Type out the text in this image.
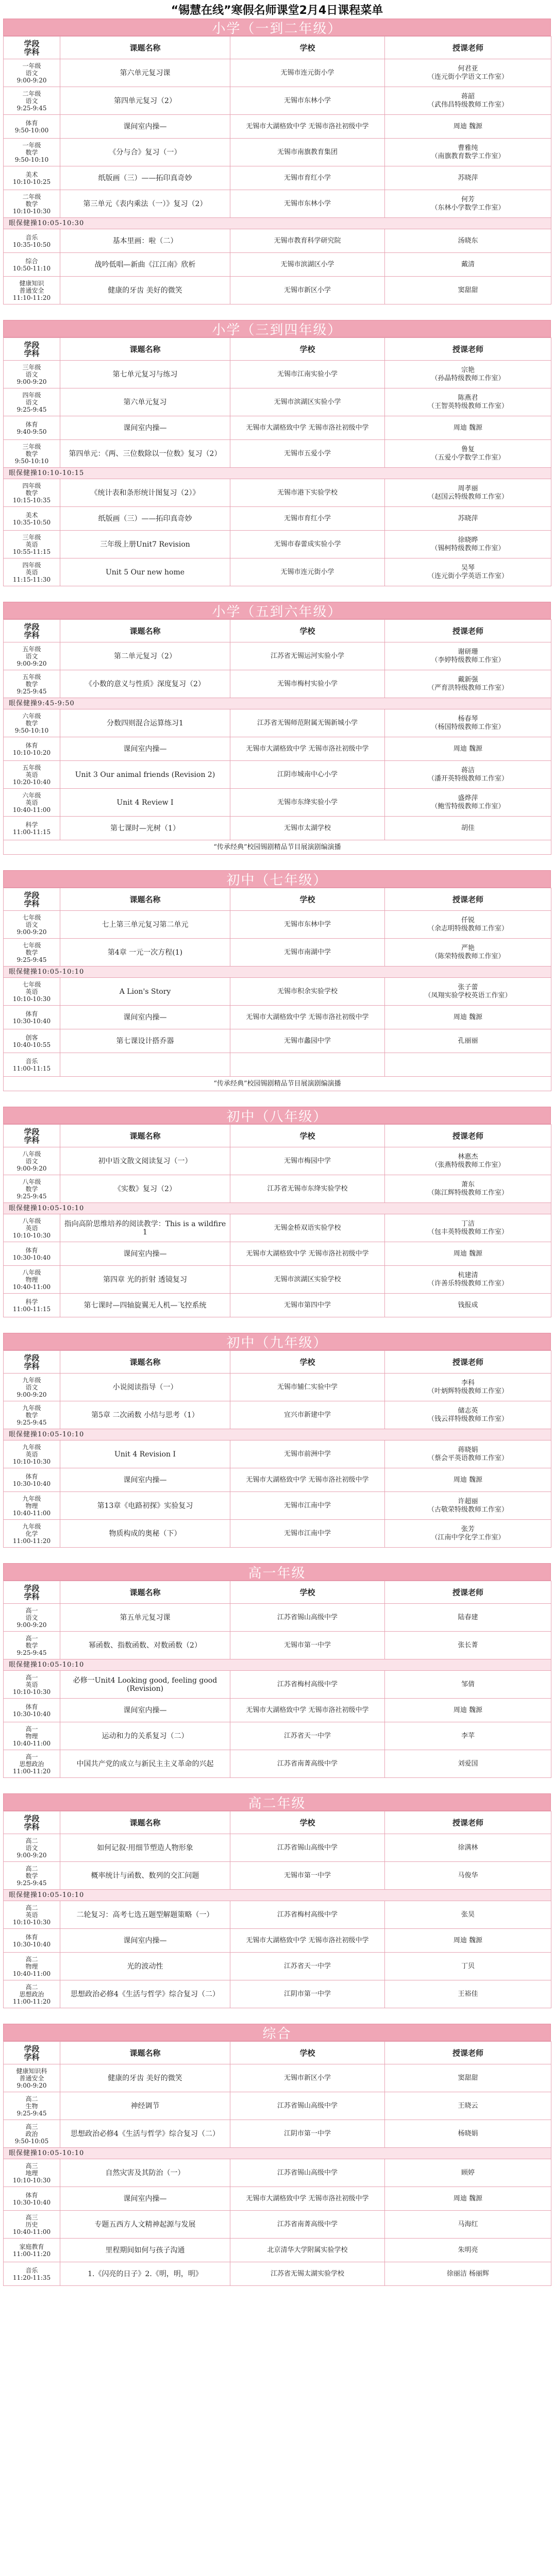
“锡慧在线”寒假名师课堂2月4日课程菜单
小学（一到二年级）
学段
学科	课题名称	学校	授课老师

一年级
语文
9:00-9:20	第六单元复习课	无锡市连元街小学	何君亚
（连元街小学语文工作室）

二年级
语文
9:25-9:45	第四单元复习（2）	无锡市东林小学	蒋韶
（武伟昌特级教师工作室）

体育
9:50-10:00	课间室内操—	无锡市大湖格致中学 无锡市洛社初级中学	周迪 魏源

一年级
数学
9:50-10:10	《分与合》复习（一）	无锡市南旗教育集团	曹雅纯
（南旗教育数学工作室）

美术
10:10-10:25	纸版画（三）——拓印真奇妙	无锡市育红小学	苏晓萍

二年级
数学
10:10-10:30	第三单元《表内乘法（一）》复习（2）	无锡市东林小学	何芳
（东林小学数学工作室）

眼保健操10:05-10:30			

音乐
10:35-10:50	基本里画：啦（二）	无锡市教育科学研究院	汤晓东

综合
10:50-11:10	战吟低唱—新曲《江江南》欣析	无锡市滨湖区小学	戴清

健康知识
普通安全
11:10-11:20	健康的牙齿 美好的微笑	无锡市新区小学	窦甜甜
小学（三到四年级）
学段
学科	课题名称	学校	授课老师

三年级
语文
9:00-9:20	第七单元复习与练习	无锡市江南实验小学	宗艳
（孙晶特级教师工作室）

四年级
语文
9:25-9:45	第六单元复习	无锡市滨湖区实验小学	陈燕君
（王智英特级教师工作室）

体育
9:40-9:50	课间室内操—	无锡市大湖格致中学 无锡市洛社初级中学	周迪 魏源

三年级
数学
9:50-10:10	第四单元：《两、三位数除以一位数》复习（2）	无锡市五爱小学	鲁复
（五爱小学数学工作室）

眼保健操10:10-10:15			

四年级
数学
10:15-10:35	《统计表和条形统计图复习（2）》	无锡市港下实验学校	周孝丽
（赵国云特级教师工作室）

美术
10:35-10:50	纸版画（三）——拓印真奇妙	无锡市育红小学	苏晓萍

三年级
英语
10:55-11:15	三年级上册Unit7 Revision	无锡市春蕾成实验小学	徐晓晔
（锡柯特级教师工作室）

四年级
英语
11:15-11:30	Unit 5 Our new home	无锡市连元街小学	吴琴
（连元街小学英语工作室）
小学（五到六年级）
学段
学科	课题名称	学校	授课老师

五年级
语文
9:00-9:20	第二单元复习（2）	江苏省无锡运河实验小学	谢研珊
（李婷特级教师工作室）

五年级
数学
9:25-9:45	《小数的意义与性质》深度复习（2）	无锡市梅村实验小学	戴新强
（严育洪特级教师工作室）

眼保健操9:45-9:50			

六年级
数学
9:50-10:10	分数四则混合运算练习1	江苏省无锡师范附属无锡新城小学	杨春琴
（杨国特级教师工作室）

体育
10:10-10:20	课间室内操—	无锡市大湖格致中学 无锡市洛社初级中学	周迪 魏源

五年级
英语
10:20-10:40	Unit 3 Our animal friends (Revision 2)	江阴市城南中心小学	蒋洁
（潘开英特级教师工作室）

六年级
英语
10:40-11:00	Unit 4 Review I	无锡市东绛实验小学	盛烨萍
（鲍雪特级教师工作室）

科学
11:00-11:15	第七课时—光树（1）	无锡市太湖学校	胡佳

“传承经典”校园锡剧精品节目展演剧编演播			
初中（七年级）
学段
学科	课题名称	学校	授课老师

七年级
语文
9:00-9:20	七上第三单元复习第二单元	无锡市东林中学	仟锐
（余志明特级教师工作室）

七年级
数学
9:25-9:45	第4章 一元一次方程(1)	无锡市南湖中学	严艳
（陈荣特级教师工作室）

眼保健操10:05-10:10			

七年级
英语
10:10-10:30	A Lion's Story	无锡市积余实验学校	张子蕾
（凤翔实验学校英语工作室）

体育
10:30-10:40	课间室内操—	无锡市大湖格致中学 无锡市洛社初级中学	周迪 魏源

创客
10:40-10:55	第七课设计搭乔器	无锡市蠡园中学	孔丽丽

音乐
11:00-11:15			

“传承经典”校园锡剧精品节目展演剧编演播			
初中（八年级）
学段
学科	课题名称	学校	授课老师

八年级
语文
9:00-9:20	初中语文散文阅读复习（一）	无锡市梅园中学	林惠杰
（张燕特级教师工作室）

八年级
数学
9:25-9:45	《实数》复习（2）	江苏省无锡市东绛实验学校	萧东
（陈江辉特级教师工作室）

眼保健操10:05-10:10			

八年级
英语
10:10-10:30	指向高阶思维培养的阅读教学：This is a wildfire 1	无锡金桥双语实验学校	丁洁
（包丰英特级教师工作室）

体育
10:30-10:40	课间室内操—	无锡市大湖格致中学 无锡市洛社初级中学	周迪 魏源

八年级
物理
10:40-11:00	第四章 光的折射 透镜复习	无锡市滨湖区实验学校	杭建清
（许善乐特级教师工作室）

科学
11:00-11:15	第七课时—四轴旋翼无人机—飞控系统	无锡市第四中学	钱报成
初中（九年级）
学段
学科	课题名称	学校	授课老师

九年级
语文
9:00-9:20	小说阅读指导（一）	无锡市辅仁实验中学	李科
（叶炳辉特级教师工作室）

九年级
数学
9:25-9:45	第5章 二次函数 小结与思考（1）	宜兴市新建中学	储志英
（钱云祥特级教师工作室）

眼保健操10:05-10:10			

九年级
英语
10:10-10:30	Unit 4 Revision I	无锡市前洲中学	蒋晓娟
（蔡会平英语教师工作室）

体育
10:30-10:40	课间室内操—	无锡市大湖格致中学 无锡市洛社初级中学	周迪 魏源

九年级
物理
10:40-11:00	第13章《电路初探》实验复习	无锡市江南中学	许超丽
（古敬荣特级教师工作室）

九年级
化学
11:00-11:20	物质构成的奥秘（下）	无锡市江南中学	张芳
（江南中学化学工作室）
高一年级
学段
学科	课题名称	学校	授课老师

高一
语文
9:00-9:20	第五单元复习课	江苏省锡山高级中学	陆春建

高一
数学
9:25-9:45	幂函数、指数函数、对数函数（2）	无锡市第一中学	张长菁

眼保健操10:05-10:10			

高一
英语
10:10-10:30	必修一Unit4 Looking good, feeling good (Revision)	江苏省梅村高级中学	邹倩

体育
10:30-10:40	课间室内操—	无锡市大湖格致中学 无锡市洛社初级中学	周迪 魏源

高一
物理
10:40-11:00	运动和力的关系复习（二）	江苏省天一中学	李苹

高一
思想政治
11:00-11:20	中国共产党的成立与新民主主义革命的兴起	江苏省南菁高级中学	刘爱国
高二年级
学段
学科	课题名称	学校	授课老师

高二
语文
9:00-9:20	如何记叙·用细节塑造人物形象	江苏省锡山高级中学	徐满林

高二
数学
9:25-9:45	概率统计与函数、数列的交汇问题	无锡市第一中学	马俊华

眼保健操10:05-10:10			

高二
英语
10:10-10:30	二轮复习：高考七选五题型解题策略（一）	江苏省梅村高级中学	张昊

体育
10:30-10:40	课间室内操—	无锡市大湖格致中学 无锡市洛社初级中学	周迪 魏源

高二
物理
10:40-11:00	光的波动性	江苏省天一中学	丁贝

高二
思想政治
11:00-11:20	思想政治必修4《生活与哲学》综合复习（二）	江阴市第一中学	王裕佳
综合
学段
学科	课题名称	学校	授课老师

健康知识科
普通安全
9:00-9:20	健康的牙齿 美好的微笑	无锡市新区小学	窦甜甜

高二
生物
9:25-9:45	神经调节	江苏省锡山高级中学	王晓云

高三
政治
9:50-10:05	思想政治必修4《生活与哲学》综合复习（二）	江阴市第一中学	杨晓娟

眼保健操10:05-10:10			

高三
地理
10:10-10:30	自然灾害及其防治（一）	江苏省锡山高级中学	顾婷

体育
10:30-10:40	课间室内操—	无锡市大湖格致中学 无锡市洛社初级中学	周迪 魏源

高三
历史
10:40-11:00	专题五西方人文精神起源与发展	江苏省南菁高级中学	马海红

家庭教育
11:00-11:20	里程期间如何与孩子沟通	北京清华大学附属实验学校	朱明亮

音乐
11:20-11:35	1.《闪亮的日子》2.《明，明，明》	江苏省无锡太湖实验学校	徐丽洁 杨丽辉
